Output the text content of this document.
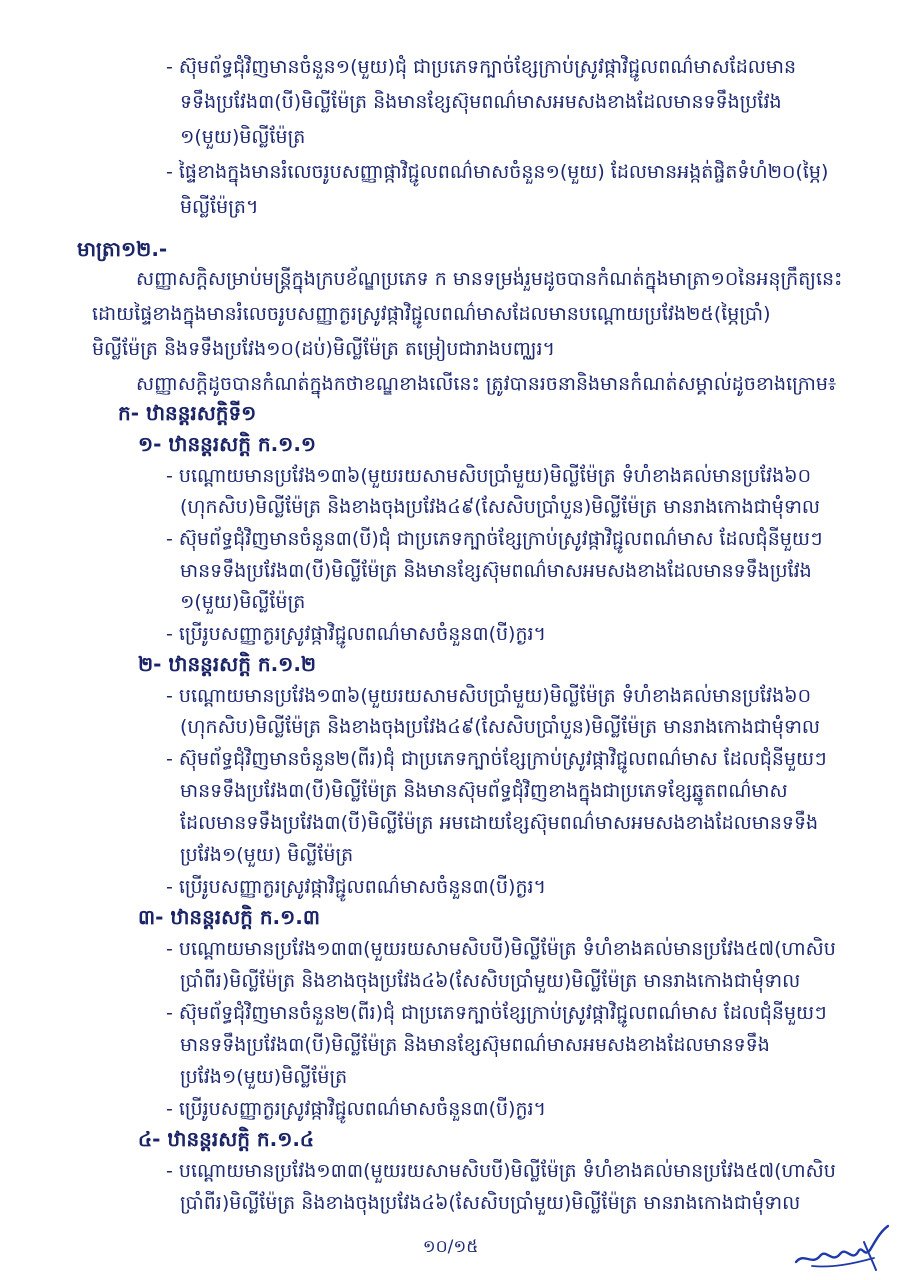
- ស៊ុមព័ទ្ធជុំវិញមានចំនួន១(មួយ)ជុំ ជាប្រភេទក្បាច់ខ្សែក្រាប់ស្រូវផ្កាវិជ្ជូលពណ៌មាសដែលមាន
ទទឹងប្រវែង៣(បី)មិល្លីម៉ែត្រ និងមានខ្សែស៊ុមពណ៌មាសអមសងខាងដែលមានទទឹងប្រវែង
១(មួយ)មិល្លីម៉ែត្រ
- ផ្ទៃខាងក្នុងមានរំលេចរូបសញ្ញាផ្កាវិជ្ជូលពណ៌មាសចំនួន១(មួយ) ដែលមានអង្កត់ផ្ចិតទំហំ២០(ម្ភៃ)
មិល្លីម៉ែត្រ។
មាត្រា១២.-
សញ្ញាសក្តិសម្រាប់មន្ត្រីក្នុងក្របខ័ណ្ឌប្រភេទ ក មានទម្រង់រួមដូចបានកំណត់ក្នុងមាត្រា១០នៃអនុក្រឹត្យនេះ
ដោយផ្ទៃខាងក្នុងមានរំលេចរូបសញ្ញាក្ងរស្រូវផ្កាវិជ្ជូលពណ៌មាសដែលមានបណ្តោយប្រវែង២៥(ម្ភៃប្រាំ)
មិល្លីម៉ែត្រ និងទទឹងប្រវែង១០(ដប់)មិល្លីម៉ែត្រ តម្រៀបជារាងបញ្ឈរ។
សញ្ញាសក្តិដូចបានកំណត់ក្នុងកថាខណ្ឌខាងលើនេះ ត្រូវបានរចនានិងមានកំណត់សម្គាល់ដូចខាងក្រោម៖
ក- ឋានន្តរសក្តិទី១
១- ឋានន្តរសក្តិ ក.១.១
- បណ្តោយមានប្រវែង១៣៦(មួយរយសាមសិបប្រាំមួយ)មិល្លីម៉ែត្រ ទំហំខាងគល់មានប្រវែង៦០
(ហុកសិប)មិល្លីម៉ែត្រ និងខាងចុងប្រវែង៤៩(សែសិបប្រាំបួន)មិល្លីម៉ែត្រ មានរាងកោងជាមុំទាល
- ស៊ុមព័ទ្ធជុំវិញមានចំនួន៣(បី)ជុំ ជាប្រភេទក្បាច់ខ្សែក្រាប់ស្រូវផ្កាវិជ្ជូលពណ៌មាស ដែលជុំនីមួយៗ
មានទទឹងប្រវែង៣(បី)មិល្លីម៉ែត្រ និងមានខ្សែស៊ុមពណ៌មាសអមសងខាងដែលមានទទឹងប្រវែង
១(មួយ)មិល្លីម៉ែត្រ
- ប្រើរូបសញ្ញាក្ងរស្រូវផ្កាវិជ្ជូលពណ៌មាសចំនួន៣(បី)ក្ងរ។
២- ឋានន្តរសក្តិ ក.១.២
- បណ្តោយមានប្រវែង១៣៦(មួយរយសាមសិបប្រាំមួយ)មិល្លីម៉ែត្រ ទំហំខាងគល់មានប្រវែង៦០
(ហុកសិប)មិល្លីម៉ែត្រ និងខាងចុងប្រវែង៤៩(សែសិបប្រាំបួន)មិល្លីម៉ែត្រ មានរាងកោងជាមុំទាល
- ស៊ុមព័ទ្ធជុំវិញមានចំនួន២(ពីរ)ជុំ ជាប្រភេទក្បាច់ខ្សែក្រាប់ស្រូវផ្កាវិជ្ជូលពណ៌មាស ដែលជុំនីមួយៗ
មានទទឹងប្រវែង៣(បី)មិល្លីម៉ែត្រ និងមានស៊ុមព័ទ្ធជុំវិញខាងក្នុងជាប្រភេទខ្សែឆ្នូតពណ៌មាស
ដែលមានទទឹងប្រវែង៣(បី)មិល្លីម៉ែត្រ អមដោយខ្សែស៊ុមពណ៌មាសអមសងខាងដែលមានទទឹង
ប្រវែង១(មួយ) មិល្លីម៉ែត្រ
- ប្រើរូបសញ្ញាក្ងរស្រូវផ្កាវិជ្ជូលពណ៌មាសចំនួន៣(បី)ក្ងរ។
៣- ឋានន្តរសក្តិ ក.១.៣
- បណ្តោយមានប្រវែង១៣៣(មួយរយសាមសិបបី)មិល្លីម៉ែត្រ ទំហំខាងគល់មានប្រវែង៥៧(ហាសិប
ប្រាំពីរ)មិល្លីម៉ែត្រ និងខាងចុងប្រវែង៤៦(សែសិបប្រាំមួយ)មិល្លីម៉ែត្រ មានរាងកោងជាមុំទាល
- ស៊ុមព័ទ្ធជុំវិញមានចំនួន២(ពីរ)ជុំ ជាប្រភេទក្បាច់ខ្សែក្រាប់ស្រូវផ្កាវិជ្ជូលពណ៌មាស ដែលជុំនីមួយៗ
មានទទឹងប្រវែង៣(បី)មិល្លីម៉ែត្រ និងមានខ្សែស៊ុមពណ៌មាសអមសងខាងដែលមានទទឹង
ប្រវែង១(មួយ)មិល្លីម៉ែត្រ
- ប្រើរូបសញ្ញាក្ងរស្រូវផ្កាវិជ្ជូលពណ៌មាសចំនួន៣(បី)ក្ងរ។
៤- ឋានន្តរសក្តិ ក.១.៤
- បណ្តោយមានប្រវែង១៣៣(មួយរយសាមសិបបី)មិល្លីម៉ែត្រ ទំហំខាងគល់មានប្រវែង៥៧(ហាសិប
ប្រាំពីរ)មិល្លីម៉ែត្រ និងខាងចុងប្រវែង៤៦(សែសិបប្រាំមួយ)មិល្លីម៉ែត្រ មានរាងកោងជាមុំទាល
១០/១៥
